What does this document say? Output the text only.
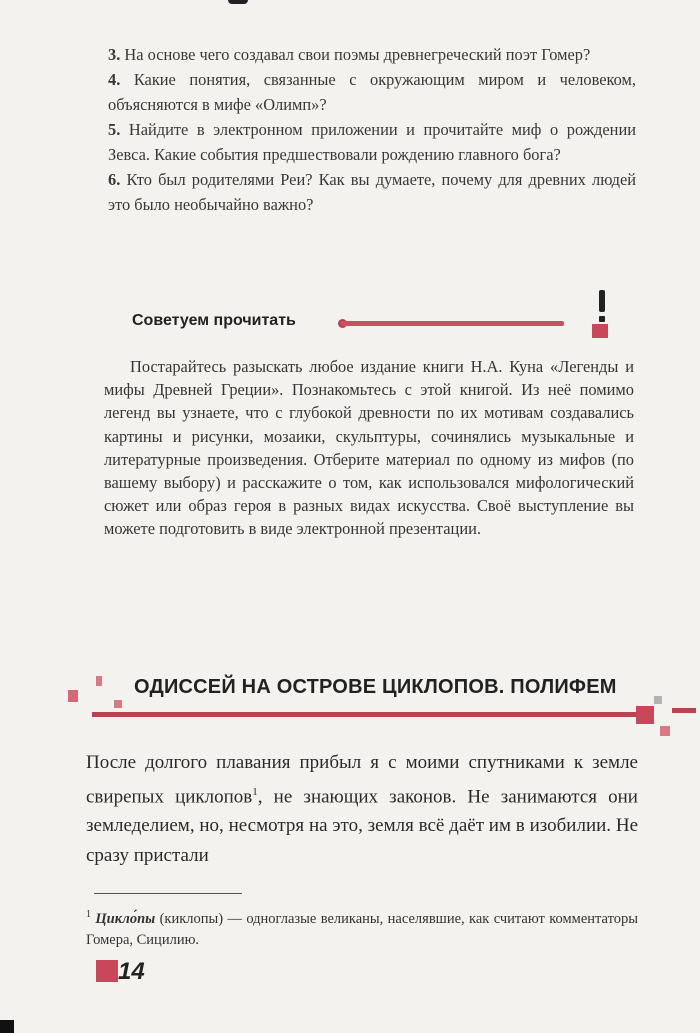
3. На основе чего создавал свои поэмы древнегреческий поэт Гомер?

4. Какие понятия, связанные с окружающим миром и человеком, объясняются в мифе «Олимп»?

5. Найдите в электронном приложении и прочитайте миф о рождении Зевса. Какие события предшествовали рождению главного бога?

6. Кто был родителями Реи? Как вы думаете, почему для древних людей это было необычайно важно?

Советуем прочитать

Постарайтесь разыскать любое издание книги Н.А. Куна «Легенды и мифы Древней Греции». Познакомьтесь с этой книгой. Из неё помимо легенд вы узнаете, что с глубокой древности по их мотивам создавались картины и рисунки, мозаики, скульптуры, сочинялись музыкальные и литературные произведения. Отберите материал по одному из мифов (по вашему выбору) и расскажите о том, как использовался мифологический сюжет или образ героя в разных видах искусства. Своё выступление вы можете подготовить в виде электронной презентации.

ОДИССЕЙ НА ОСТРОВЕ ЦИКЛОПОВ. ПОЛИФЕМ

После долгого плавания прибыл я с моими спутниками к земле свирепых циклопов$^1$, не знающих законов. Не занимаются они земледелием, но, несмотря на это, земля всё даёт им в изобилии. Не сразу пристали

$^1$ Цикло́пы (киклопы) — одноглазые великаны, населявшие, как считают комментаторы Гомера, Сицилию.

14
